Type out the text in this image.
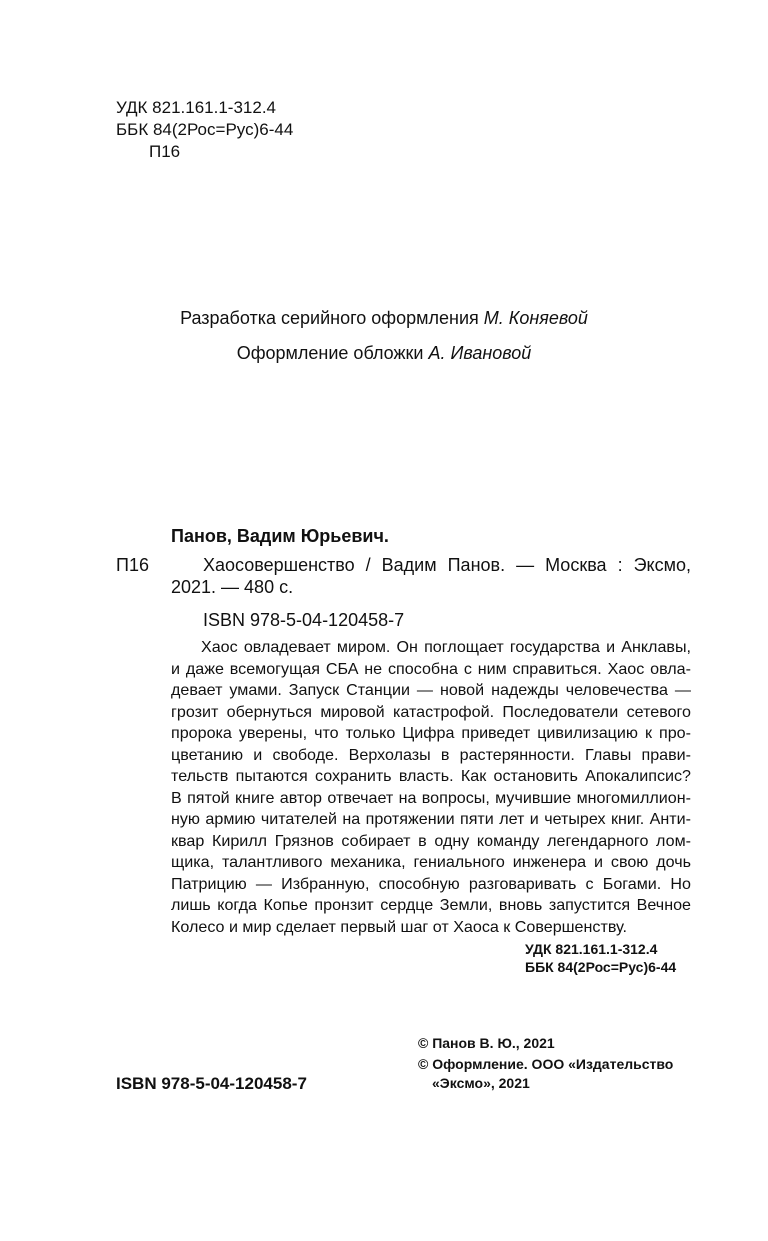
УДК 821.161.1-312.4

ББК 84(2Рос=Рус)6-44

П16

Разработка серийного оформления М. Коняевой

Оформление обложки А. Ивановой

Панов, Вадим Юрьевич.

П16	Хаосовершенство / Вадим Панов. — Москва : Эксмо,

2021. — 480 с.

ISBN 978-5-04-120458-7

Хаос овладевает миром. Он поглощает государства и Анклавы,
и даже всемогущая СБА не способна с ним справиться. Хаос овла-
девает умами. Запуск Станции — новой надежды человечества —
грозит обернуться мировой катастрофой. Последователи сетевого
пророка уверены, что только Цифра приведет цивилизацию к про-
цветанию и свободе. Верхолазы в растерянности. Главы прави-
тельств пытаются сохранить власть. Как остановить Апокалипсис?
В пятой книге автор отвечает на вопросы, мучившие многомиллион-
ную армию читателей на протяжении пяти лет и четырех книг. Анти-
квар Кирилл Грязнов собирает в одну команду легендарного лом-
щика, талантливого механика, гениального инженера и свою дочь
Патрицию — Избранную, способную разговаривать с Богами. Но
лишь когда Копье пронзит сердце Земли, вновь запустится Вечное
Колесо и мир сделает первый шаг от Хаоса к Совершенству.

УДК 821.161.1-312.4

ББК 84(2Рос=Рус)6-44

ISBN 978-5-04-120458-7

© Панов В. Ю., 2021

© Оформление. ООО «Издательство

«Эксмо», 2021
